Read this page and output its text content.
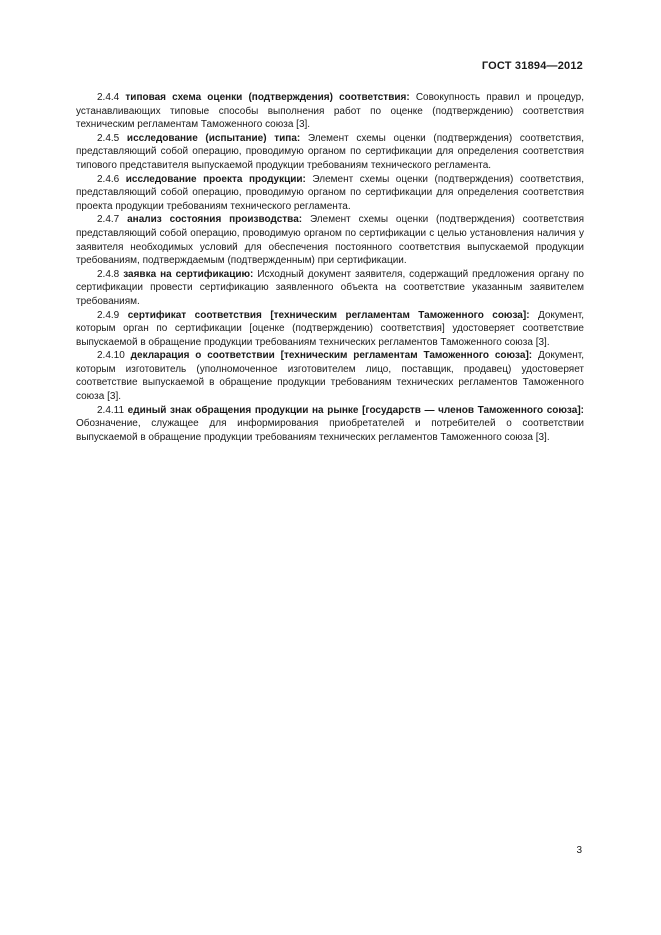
ГОСТ 31894—2012

2.4.4 типовая схема оценки (подтверждения) соответствия: Совокупность правил и процедур, устанавливающих типовые способы выполнения работ по оценке (подтверждению) соответствия техническим регламентам Таможенного союза [3].

2.4.5 исследование (испытание) типа: Элемент схемы оценки (подтверждения) соответствия, представляющий собой операцию, проводимую органом по сертификации для определения соответствия типового представителя выпускаемой продукции требованиям технического регламента.

2.4.6 исследование проекта продукции: Элемент схемы оценки (подтверждения) соответствия, представляющий собой операцию, проводимую органом по сертификации для определения соответствия проекта продукции требованиям технического регламента.

2.4.7 анализ состояния производства: Элемент схемы оценки (подтверждения) соответствия представляющий собой операцию, проводимую органом по сертификации с целью установления наличия у заявителя необходимых условий для обеспечения постоянного соответствия выпускаемой продукции требованиям, подтверждаемым (подтвержденным) при сертификации.

2.4.8 заявка на сертификацию: Исходный документ заявителя, содержащий предложения органу по сертификации провести сертификацию заявленного объекта на соответствие указанным заявителем требованиям.

2.4.9 сертификат соответствия [техническим регламентам Таможенного союза]: Документ, которым орган по сертификации [оценке (подтверждению) соответствия] удостоверяет соответствие выпускаемой в обращение продукции требованиям технических регламентов Таможенного союза [3].

2.4.10 декларация о соответствии [техническим регламентам Таможенного союза]: Документ, которым изготовитель (уполномоченное изготовителем лицо, поставщик, продавец) удостоверяет соответствие выпускаемой в обращение продукции требованиям технических регламентов Таможенного союза [3].

2.4.11 единый знак обращения продукции на рынке [государств — членов Таможенного союза]: Обозначение, служащее для информирования приобретателей и потребителей о соответствии выпускаемой в обращение продукции требованиям технических регламентов Таможенного союза [3].

3
